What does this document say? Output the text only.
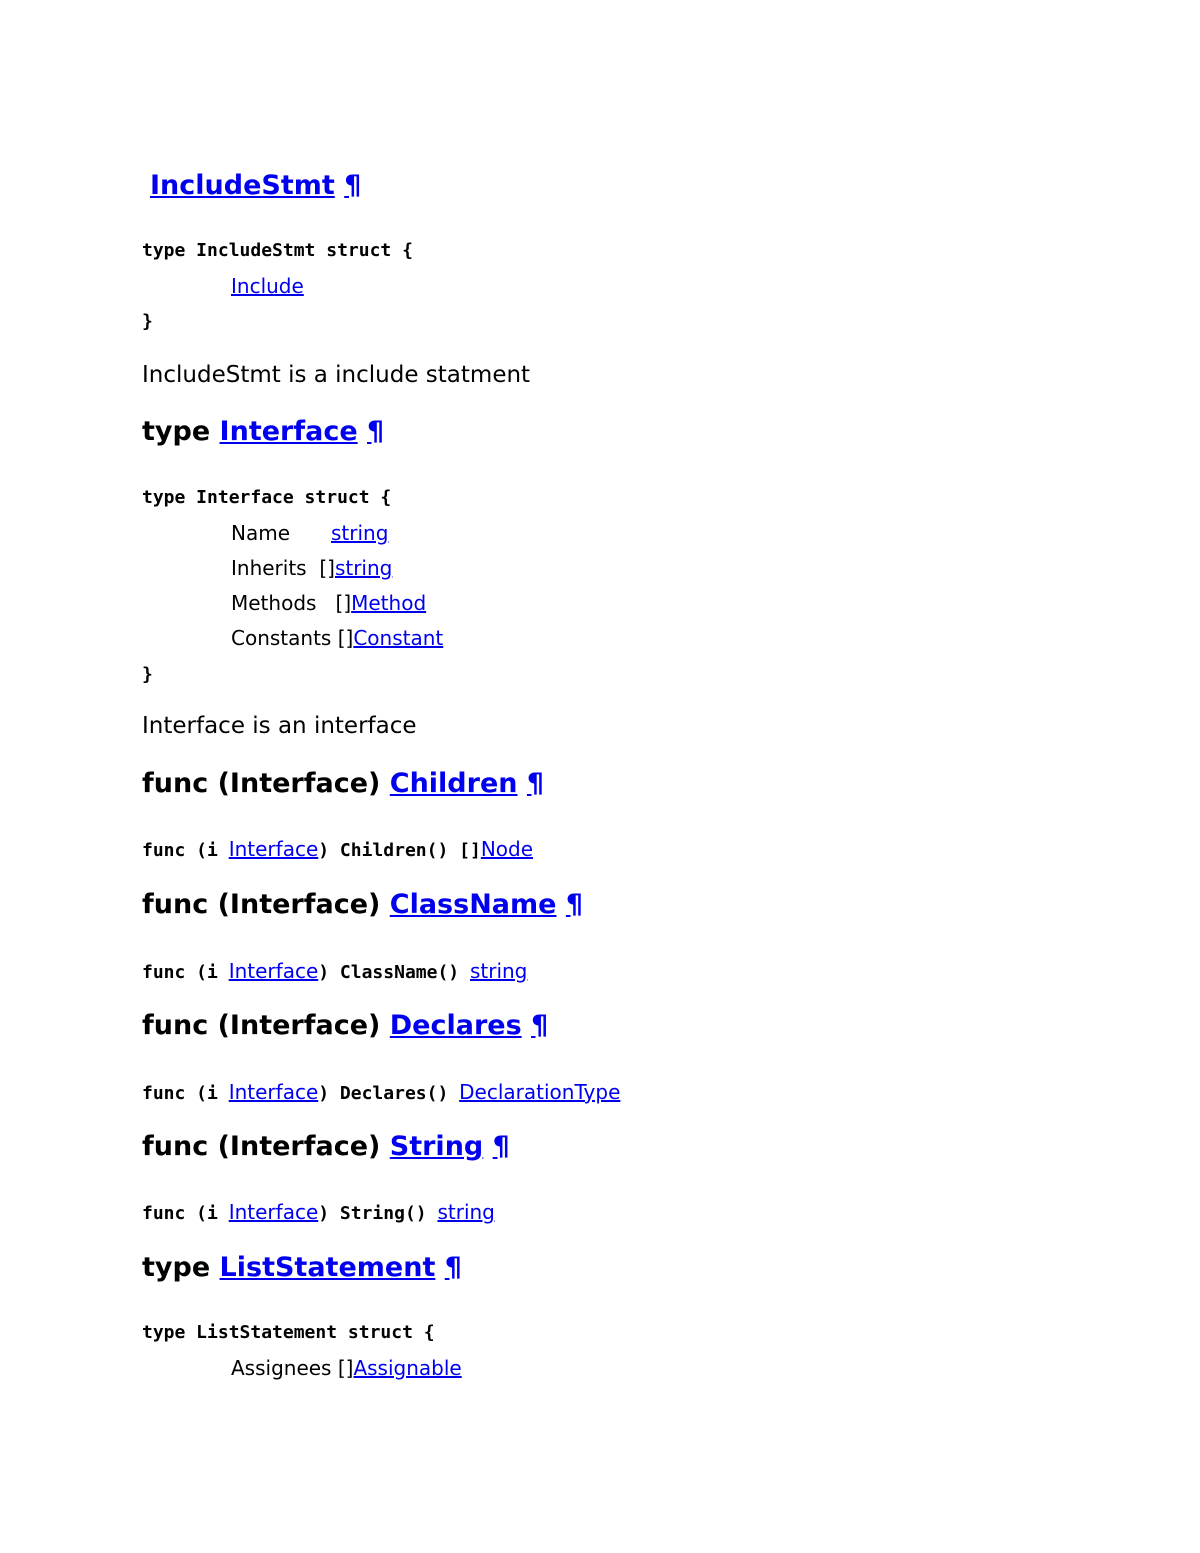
IncludeStmt ¶
type IncludeStmt struct {
Include
}
IncludeStmt is a include statment
type Interface ¶
type Interface struct {
Name string
Inherits []string
Methods []Method
Constants []Constant
}
Interface is an interface
func (Interface) Children ¶
func (i Interface) Children() []Node
func (Interface) ClassName ¶
func (i Interface) ClassName() string
func (Interface) Declares ¶
func (i Interface) Declares() DeclarationType
func (Interface) String ¶
func (i Interface) String() string
type ListStatement ¶
type ListStatement struct {
Assignees []Assignable
